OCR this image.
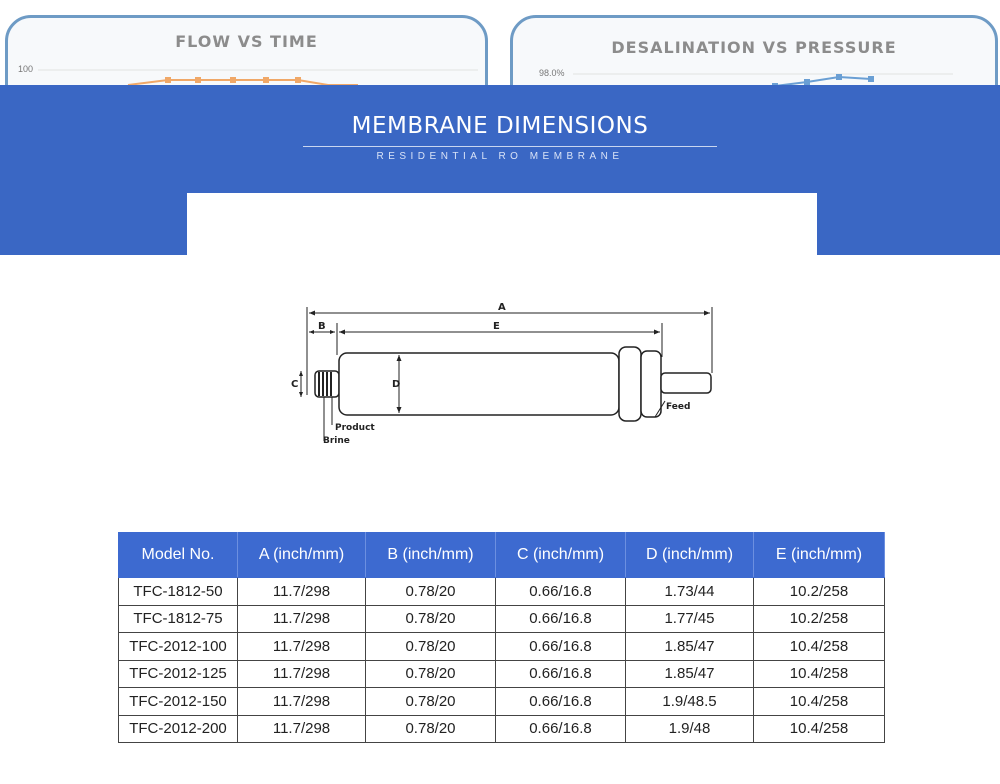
FLOW VS TIME
100
DESALINATION VS PRESSURE
98.0%
MEMBRANE DIMENSIONS
RESIDENTIAL RO MEMBRANE
A
B	E
C	D
Product
Brine
Feed
Model No.	A (inch/mm)	B (inch/mm)	C (inch/mm)	D (inch/mm)	E (inch/mm)
TFC-1812-50	11.7/298	0.78/20	0.66/16.8	1.73/44	10.2/258
TFC-1812-75	11.7/298	0.78/20	0.66/16.8	1.77/45	10.2/258
TFC-2012-100	11.7/298	0.78/20	0.66/16.8	1.85/47	10.4/258
TFC-2012-125	11.7/298	0.78/20	0.66/16.8	1.85/47	10.4/258
TFC-2012-150	11.7/298	0.78/20	0.66/16.8	1.9/48.5	10.4/258
TFC-2012-200	11.7/298	0.78/20	0.66/16.8	1.9/48	10.4/258
